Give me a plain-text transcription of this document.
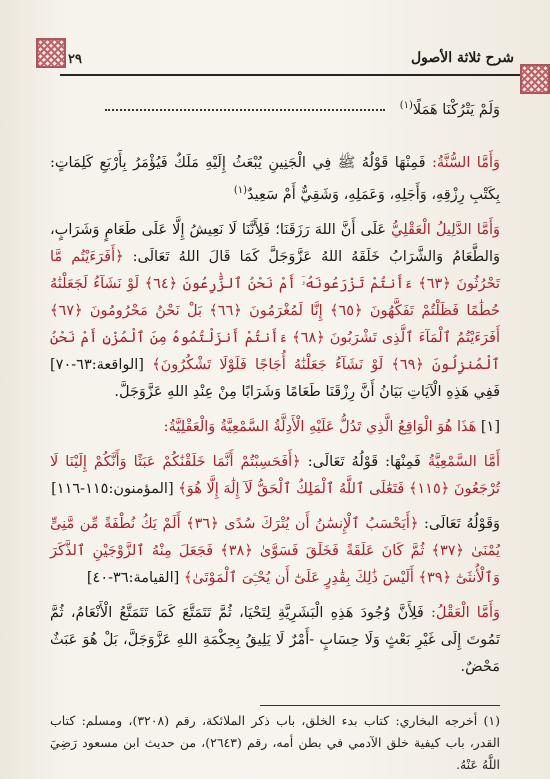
شرح ثلاثة الأصول
٢٩
وَلَمْ يَتْرُكْنَا هَمَلًا$^{(١)}$

وَأَمَّا السُّنَّةُ: فَمِنْهَا قَوْلُهُ ﷺ فِي الْجَنِينِ يُبْعَثُ إِلَيْهِ مَلَكٌ فَيُؤْمَرُ بِأَرْبَعِ كَلِمَاتٍ: بِكَتْبِ رِزْقِهِ، وَأَجَلِهِ، وَعَمَلِهِ، وَشَقِيٌّ أَمْ سَعِيدٌ$^{(١)}$

وَأَمَّا الدَّلِيلُ الْعَقْلِيُّ عَلَى أَنَّ اللهَ رَزَقَنَا؛ فَلِأَنَّنَا لَا نَعِيشُ إِلَّا عَلَى طَعَامٍ وَشَرَابٍ، وَالطَّعَامُ وَالشَّرَابُ خَلَقَهُ اللهُ عَزَّوَجَلَّ كَمَا قَالَ اللهُ تَعَالَى: ﴿أَفَرَءَيْتُم مَّا تَحْرُثُونَ ﴿٦٣﴾ ءَأَنتُمْ تَزْرَعُونَهُۥٓ أَمْ نَحْنُ ٱلزَّٰرِعُونَ ﴿٦٤﴾ لَوْ نَشَآءُ لَجَعَلْنَٰهُ حُطَٰمًا فَظَلْتُمْ تَفَكَّهُونَ ﴿٦٥﴾ إِنَّا لَمُغْرَمُونَ ﴿٦٦﴾ بَلْ نَحْنُ مَحْرُومُونَ ﴿٦٧﴾ أَفَرَءَيْتُمُ ٱلْمَآءَ ٱلَّذِى تَشْرَبُونَ ﴿٦٨﴾ ءَأَنتُمْ أَنزَلْتُمُوهُ مِنَ ٱلْمُزْنِ أَمْ نَحْنُ ٱلْمُنزِلُونَ ﴿٦٩﴾ لَوْ نَشَآءُ جَعَلْنَٰهُ أُجَاجًا فَلَوْلَا تَشْكُرُونَ﴾ [الواقعة:٦٣-٧٠] فَفِي هَذِهِ الْآيَاتِ بَيَانُ أَنَّ رِزْقَنَا طَعَامًا وَشَرَابًا مِنْ عِنْدِ اللهِ عَزَّوَجَلَّ.

[١] هَذَا هُوَ الْوَاقِعُ الَّذِي تَدُلُّ عَلَيْهِ الْأَدِلَّةُ السَّمْعِيَّةُ وَالْعَقْلِيَّةُ:

أَمَّا السَّمْعِيَّةُ فَمِنْهَا: قَوْلُهُ تَعَالَى: ﴿أَفَحَسِبْتُمْ أَنَّمَا خَلَقْنَٰكُمْ عَبَثًا وَأَنَّكُمْ إِلَيْنَا لَا تُرْجَعُونَ ﴿١١٥﴾ فَتَعَٰلَى ٱللَّهُ ٱلْمَلِكُ ٱلْحَقُّ لَآ إِلَٰهَ إِلَّا هُوَ﴾ [المؤمنون:١١٥-١١٦]

وَقَوْلُهُ تَعَالَى: ﴿أَيَحْسَبُ ٱلْإِنسَٰنُ أَن يُتْرَكَ سُدًى ﴿٣٦﴾ أَلَمْ يَكُ نُطْفَةً مِّن مَّنِىٍّ يُمْنَىٰ ﴿٣٧﴾ ثُمَّ كَانَ عَلَقَةً فَخَلَقَ فَسَوَّىٰ ﴿٣٨﴾ فَجَعَلَ مِنْهُ ٱلزَّوْجَيْنِ ٱلذَّكَرَ وَٱلْأُنثَىٰٓ ﴿٣٩﴾ أَلَيْسَ ذَٰلِكَ بِقَٰدِرٍ عَلَىٰٓ أَن يُحْـِۧىَ ٱلْمَوْتَىٰ﴾ [القيامة:٣٦-٤٠]

وَأَمَّا الْعَقْلُ: فَلِأَنَّ وُجُودَ هَذِهِ الْبَشَرِيَّةِ لِتَحْيَا، ثُمَّ تَتَمَتَّعَ كَمَا تَتَمَتَّعُ الْأَنْعَامُ، ثُمَّ تَمُوتَ إِلَى غَيْرِ بَعْثٍ وَلَا حِسَابٍ -أَمْرٌ لَا يَلِيقُ بِحِكْمَةِ اللهِ عَزَّوَجَلَّ، بَلْ هُوَ عَبَثٌ مَحْضٌ.

(١) أخرجه البخاري: كتاب بدء الخلق، باب ذكر الملائكة، رقم (٣٢٠٨)، ومسلم: كتاب القدر، باب كيفية خلق الآدمي في بطن أمه، رقم (٢٦٤٣)، من حديث ابن مسعود رَضِيَ اللَّهُ عَنْهُ.
